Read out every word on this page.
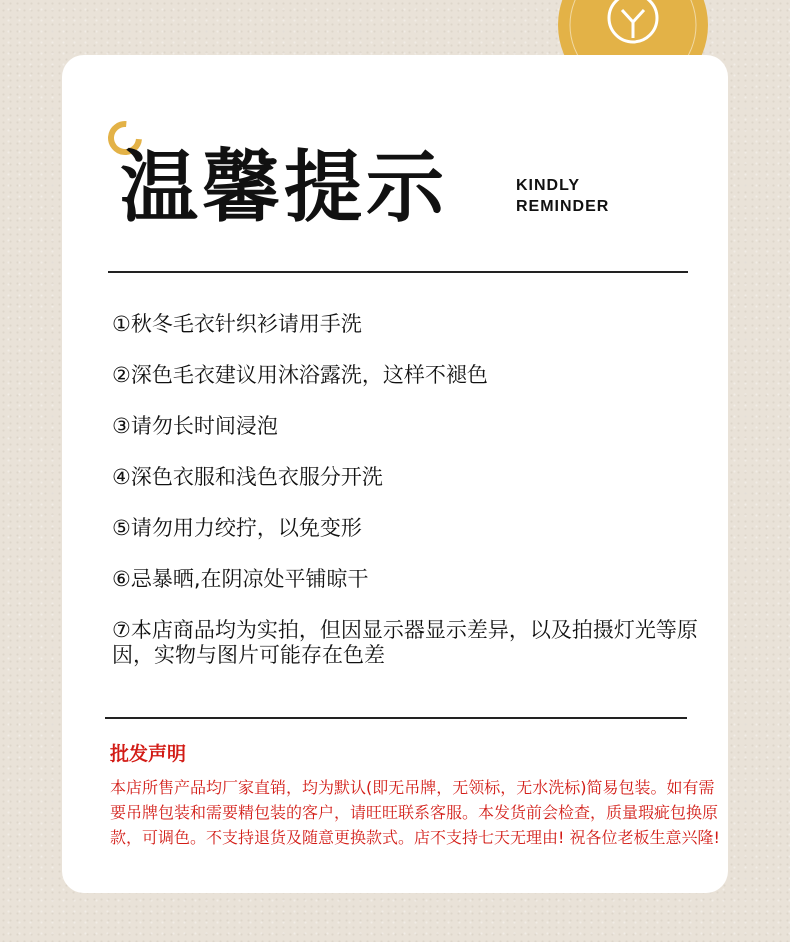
温馨提示	KINDLY
REMINDER
①秋冬毛衣针织衫请用手洗
②深色毛衣建议用沐浴露洗，这样不褪色
③请勿长时间浸泡
④深色衣服和浅色衣服分开洗
⑤请勿用力绞拧，以免变形
⑥忌暴晒,在阴凉处平铺晾干
⑦本店商品均为实拍，但因显示器显示差异，以及拍摄灯光等原因，实物与图片可能存在色差
批发声明
本店所售产品均厂家直销，均为默认(即无吊牌，无领标，无水洗标)简易包装。如有需要吊牌包装和需要精包装的客户，请旺旺联系客服。本发货前会检查，质量瑕疵包换原款，可调色。不支持退货及随意更换款式。店不支持七天无理由! 祝各位老板生意兴隆!
